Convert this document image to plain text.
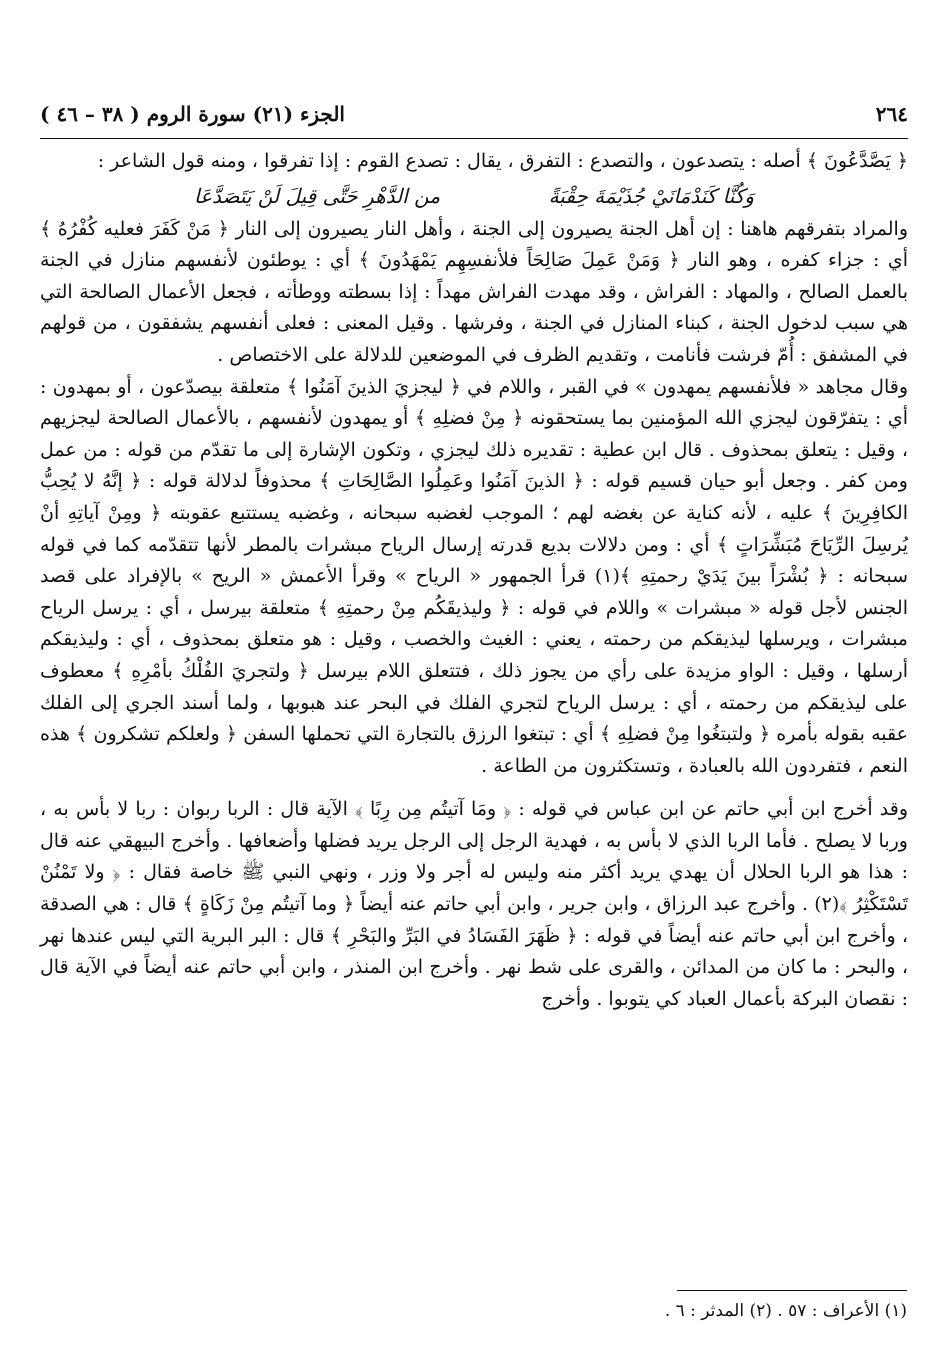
٢٦٤
الجزء (٢١) سورة الروم ( ٣٨ – ٤٦ )

﴿ يَصَّدَّعُونَ ﴾ أصله : يتصدعون ، والتصدع : التفرق ، يقال : تصدع القوم : إذا تفرقوا ، ومنه قول الشاعر :

وَكُنَّا كَنَدْمَانَيْ جُذَيْمَةَ حِقْبَةً
من الدَّهْرِ حَتَّى قِيلَ لَنْ يَتَصَدَّعَا

والمراد بتفرقهم هاهنا : إن أهل الجنة يصيرون إلى الجنة ، وأهل النار يصيرون إلى النار ﴿ مَنْ كَفَرَ فعليه كُفْرُهُ ﴾ أي : جزاء كفره ، وهو النار ﴿ وَمَنْ عَمِلَ صَالِحَاً فلأنفسِهِم يَمْهَدُونَ ﴾ أي : يوطئون لأنفسهم منازل في الجنة بالعمل الصالح ، والمهاد : الفراش ، وقد مهدت الفراش مهداً : إذا بسطته ووطأته ، فجعل الأعمال الصالحة التي هي سبب لدخول الجنة ، كبناء المنازل في الجنة ، وفرشها . وقيل المعنى : فعلى أنفسهم يشفقون ، من قولهم في المشفق : أُمّ فرشت فأنامت ، وتقديم الظرف في الموضعين للدلالة على الاختصاص .

وقال مجاهد « فلأنفسهم يمهدون » في القبر ، واللام في ﴿ ليجزيَ الذينَ آمَنُوا ﴾ متعلقة بيصدّعون ، أو بمهدون : أي : يتفرّقون ليجزي الله المؤمنين بما يستحقونه ﴿ مِنْ فضلِهِ ﴾ أو يمهدون لأنفسهم ، بالأعمال الصالحة ليجزيهم ، وقيل : يتعلق بمحذوف . قال ابن عطية : تقديره ذلك ليجزي ، وتكون الإشارة إلى ما تقدّم من قوله : من عمل ومن كفر . وجعل أبو حيان قسيم قوله : ﴿ الذينَ آمَنُوا وعَمِلُوا الصَّالِحَاتِ ﴾ محذوفاً لدلالة قوله : ﴿ إنَّهُ لا يُحِبُّ الكافِرِينَ ﴾ عليه ، لأنه كناية عن بغضه لهم ؛ الموجب لغضبه سبحانه ، وغضبه يستتبع عقوبته ﴿ ومِنْ آياتِهِ أنْ يُرسِلَ الرِّيَاحَ مُبَشِّرَاتٍ ﴾ أي : ومن دلالات بديع قدرته إرسال الرياح مبشرات بالمطر لأنها تتقدّمه كما في قوله سبحانه : ﴿ بُشْرَاً بينَ يَدَيْ رحمتِهِ ﴾(١) قرأ الجمهور « الرياح » وقرأ الأعمش « الريح » بالإفراد على قصد الجنس لأجل قوله « مبشرات » واللام في قوله : ﴿ وليذيقَكُم مِنْ رحمتِهِ ﴾ متعلقة بيرسل ، أي : يرسل الرياح مبشرات ، ويرسلها ليذيقكم من رحمته ، يعني : الغيث والخصب ، وقيل : هو متعلق بمحذوف ، أي : وليذيقكم أرسلها ، وقيل : الواو مزيدة على رأي من يجوز ذلك ، فتتعلق اللام بيرسل ﴿ ولتجريَ الفُلْكُ بأمْرِهِ ﴾ معطوف على ليذيقكم من رحمته ، أي : يرسل الرياح لتجري الفلك في البحر عند هبوبها ، ولما أسند الجري إلى الفلك عقبه بقوله بأمره ﴿ ولتبتغُوا مِنْ فضلِهِ ﴾ أي : تبتغوا الرزق بالتجارة التي تحملها السفن ﴿ ولعلكم تشكرون ﴾ هذه النعم ، فتفردون الله بالعبادة ، وتستكثرون من الطاعة .

وقد أخرج ابن أبي حاتم عن ابن عباس في قوله : ﴿ ومَا آتيتُم مِن رِبًا ﴾ الآية قال : الربا ربوان : ربا لا بأس به ، وربا لا يصلح . فأما الربا الذي لا بأس به ، فهدية الرجل إلى الرجل يريد فضلها وأضعافها . وأخرج البيهقي عنه قال : هذا هو الربا الحلال أن يهدي يريد أكثر منه وليس له أجر ولا وزر ، ونهي النبي ﷺ خاصة فقال : ﴿ ولا تَمْنُنْ تَسْتَكْثِرُ ﴾(٢) . وأخرج عبد الرزاق ، وابن جرير ، وابن أبي حاتم عنه أيضاً ﴿ وما آتيتُم مِنْ زَكَاةٍ ﴾ قال : هي الصدقة ، وأخرج ابن أبي حاتم عنه أيضاً في قوله : ﴿ ظَهَرَ الفَسَادُ في البَرِّ والبَحْرِ ﴾ قال : البر البرية التي ليس عندها نهر ، والبحر : ما كان من المدائن ، والقرى على شط نهر . وأخرج ابن المنذر ، وابن أبي حاتم عنه أيضاً في الآية قال : نقصان البركة بأعمال العباد كي يتوبوا . وأخرج

(١) الأعراف : ٥٧ . (٢) المدثر : ٦ .
